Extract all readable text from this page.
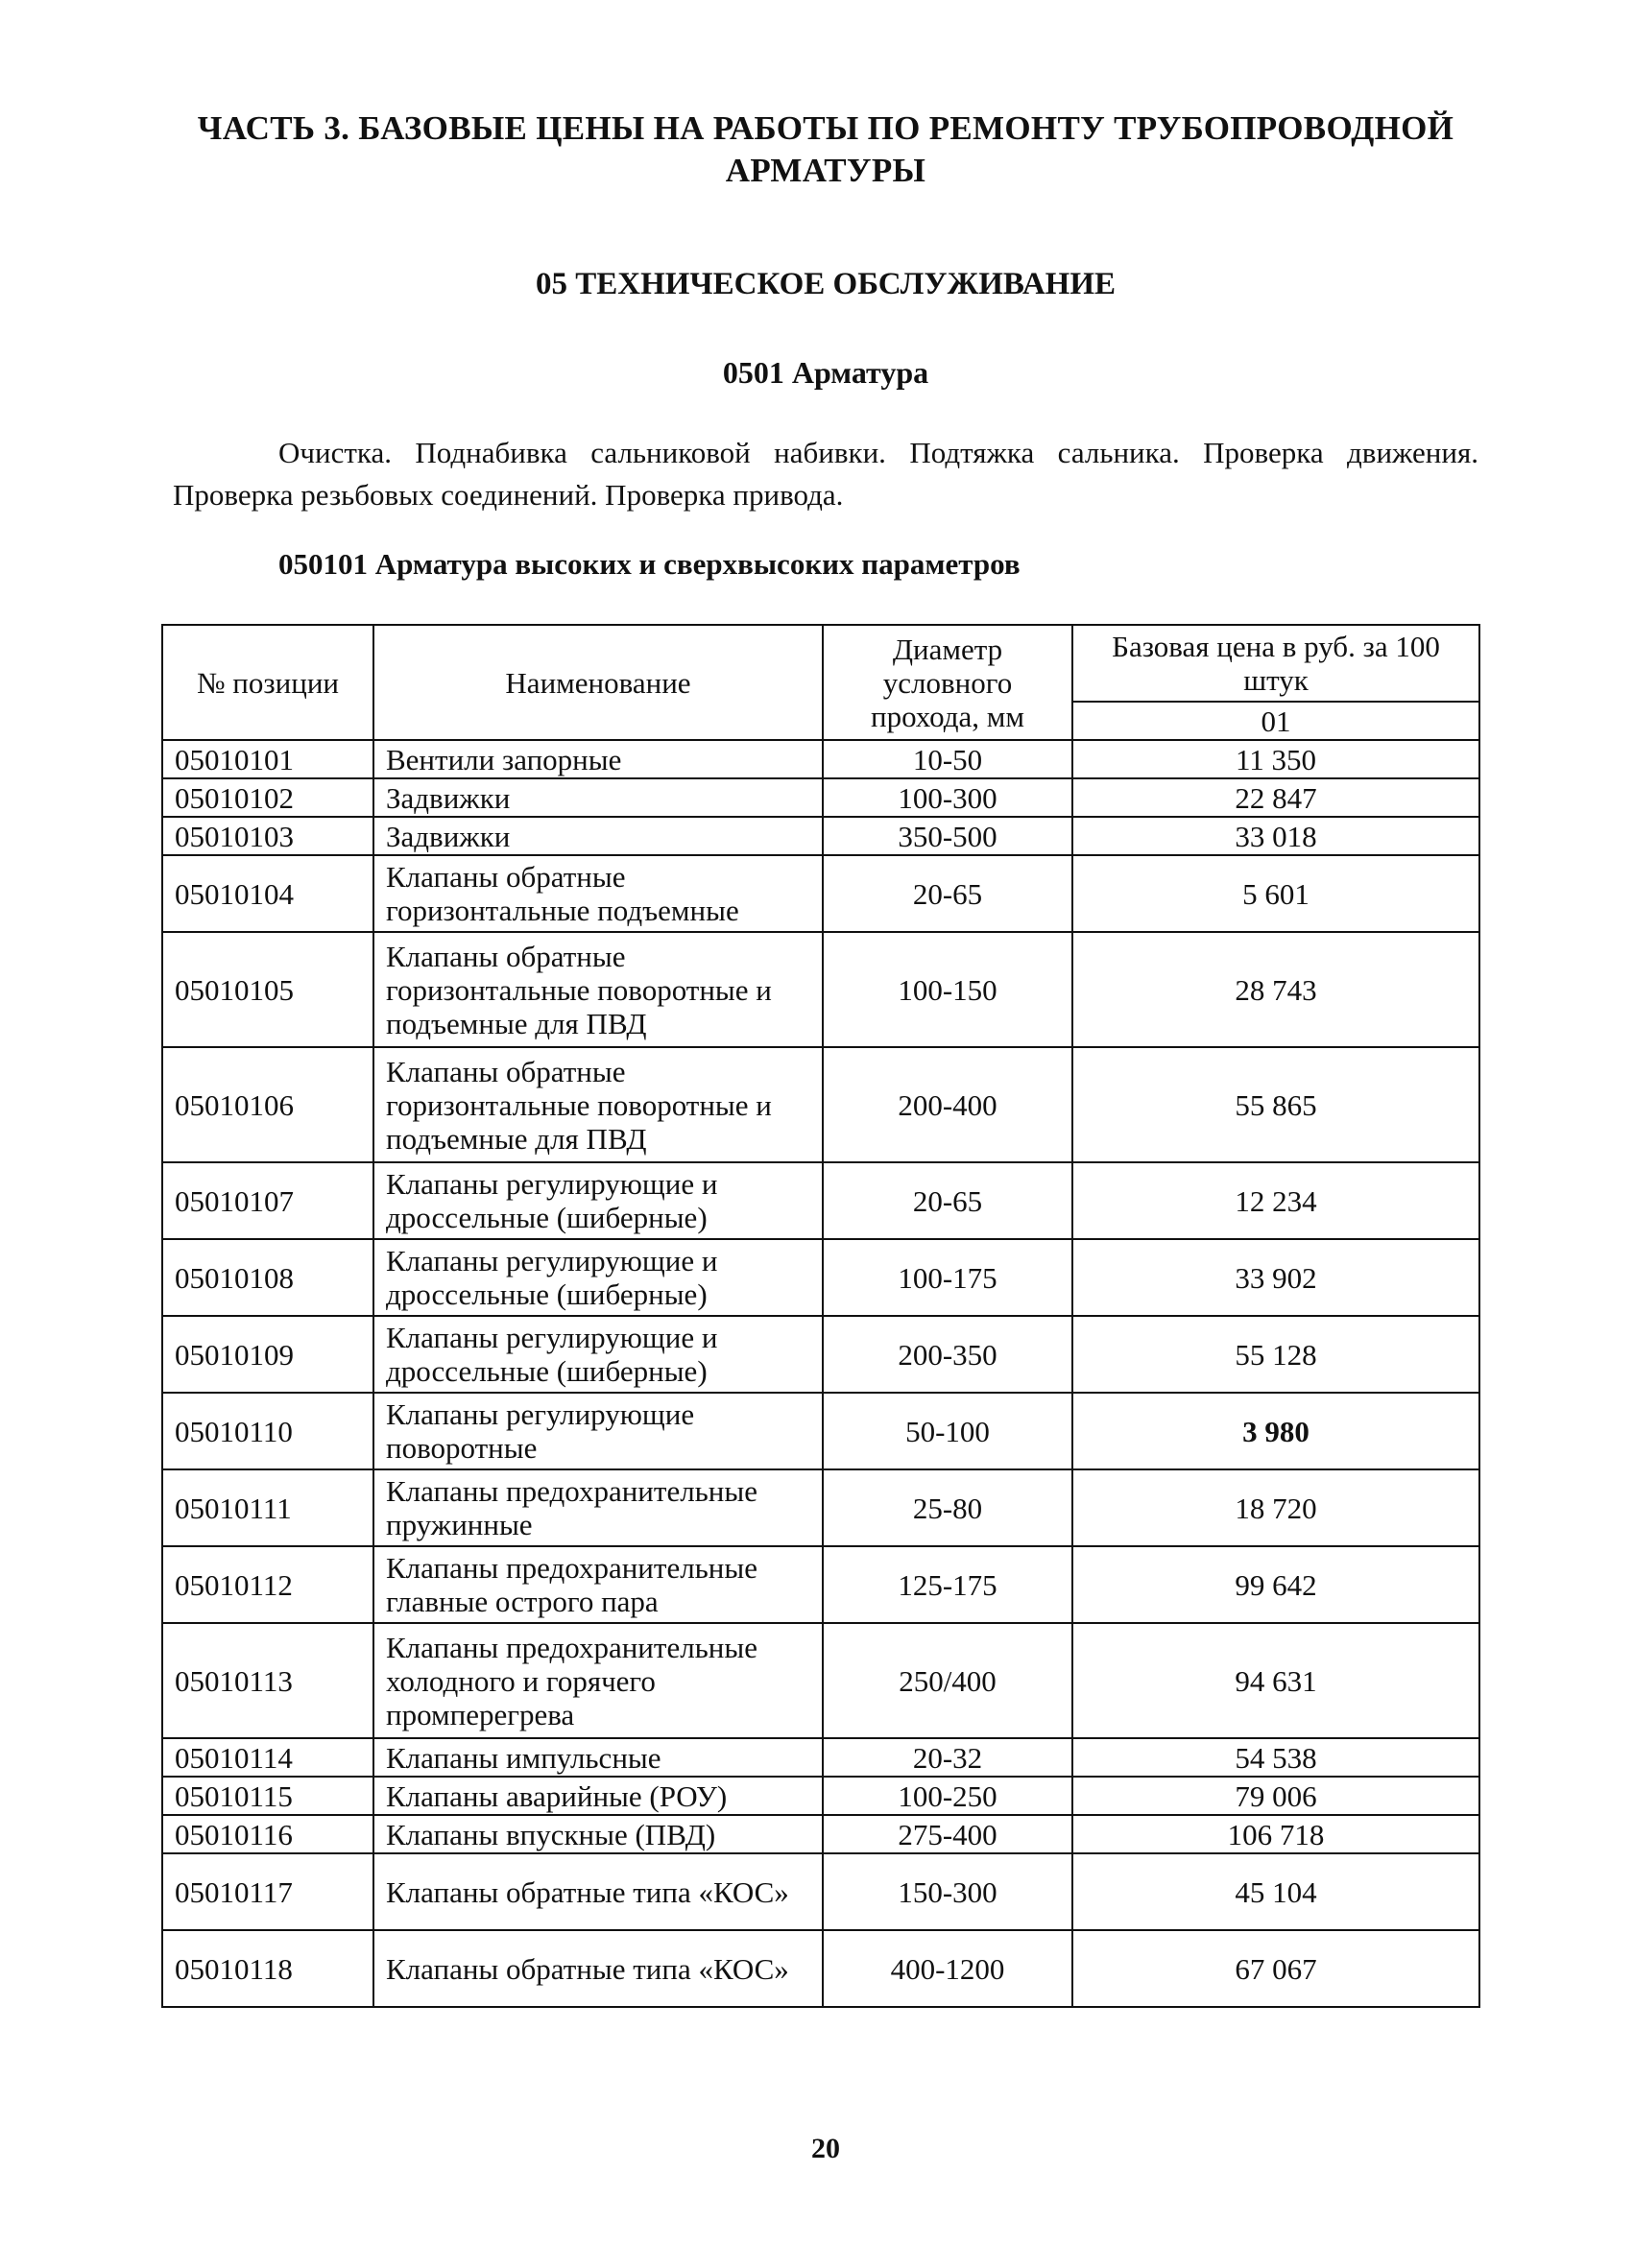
ЧАСТЬ 3. БАЗОВЫЕ ЦЕНЫ НА РАБОТЫ ПО РЕМОНТУ ТРУБОПРОВОДНОЙ АРМАТУРЫ
05 ТЕХНИЧЕСКОЕ ОБСЛУЖИВАНИЕ
0501 Арматура
Очистка. Поднабивка сальниковой набивки. Подтяжка сальника. Проверка движения. Проверка резьбовых соединений. Проверка привода.
050101 Арматура высоких и сверхвысоких параметров
№ позиции	Наименование	Диаметр условного прохода, мм	Базовая цена в руб. за 100 штук
			01
05010101	Вентили запорные	10-50	11 350
05010102	Задвижки	100-300	22 847
05010103	Задвижки	350-500	33 018
05010104	Клапаны обратные горизонтальные подъемные	20-65	5 601
05010105	Клапаны обратные горизонтальные поворотные и подъемные для ПВД	100-150	28 743
05010106	Клапаны обратные горизонтальные поворотные и подъемные для ПВД	200-400	55 865
05010107	Клапаны регулирующие и дроссельные (шиберные)	20-65	12 234
05010108	Клапаны регулирующие и дроссельные (шиберные)	100-175	33 902
05010109	Клапаны регулирующие и дроссельные (шиберные)	200-350	55 128
05010110	Клапаны регулирующие поворотные	50-100	3 980
05010111	Клапаны предохранительные пружинные	25-80	18 720
05010112	Клапаны предохранительные главные острого пара	125-175	99 642
05010113	Клапаны предохранительные холодного и горячего промперегрева	250/400	94 631
05010114	Клапаны импульсные	20-32	54 538
05010115	Клапаны аварийные (РОУ)	100-250	79 006
05010116	Клапаны впускные (ПВД)	275-400	106 718
05010117	Клапаны обратные типа «КОС»	150-300	45 104
05010118	Клапаны обратные типа «КОС»	400-1200	67 067
20
